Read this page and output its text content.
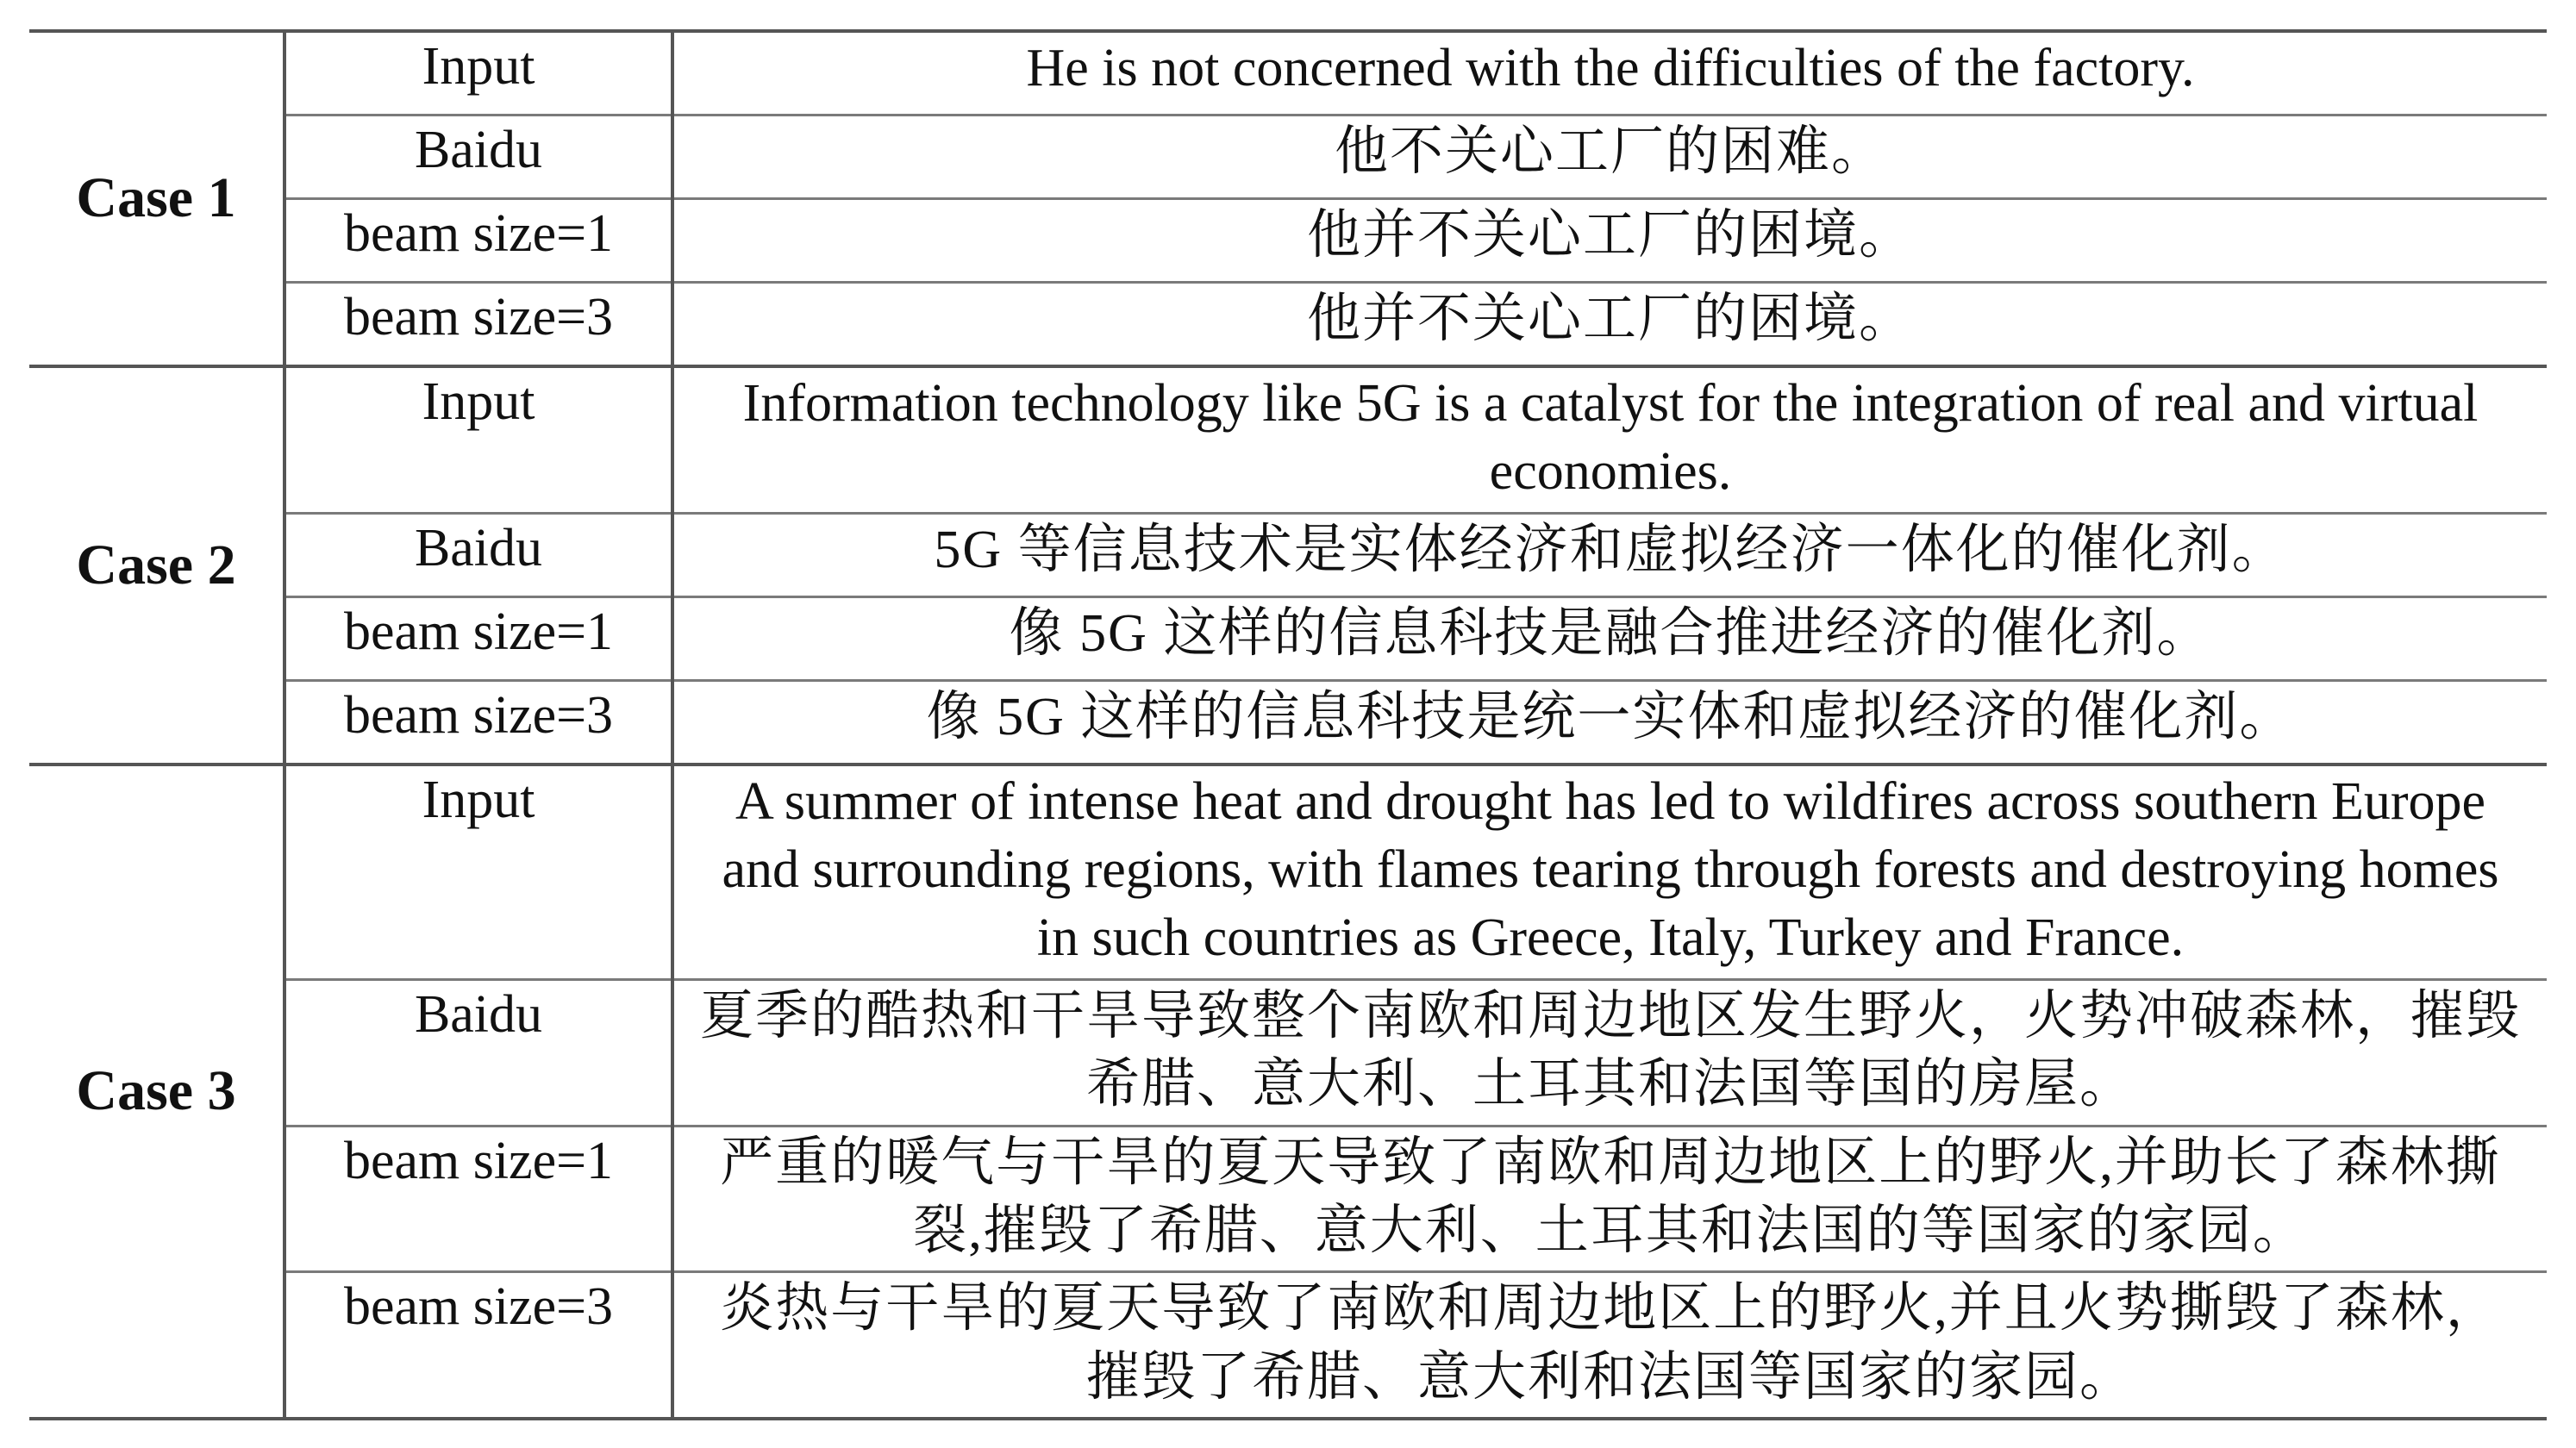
Case 1	Input	He is not concerned with the difficulties of the factory.
	Baidu	他不关心工厂的困难。
	beam size=1	他并不关心工厂的困境。
	beam size=3	他并不关心工厂的困境。
Case 2	Input	Information technology like 5G is a catalyst for the integration of real and virtual economies.
	Baidu	5G 等信息技术是实体经济和虚拟经济一体化的催化剂。
	beam size=1	像 5G 这样的信息科技是融合推进经济的催化剂。
	beam size=3	像 5G 这样的信息科技是统一实体和虚拟经济的催化剂。
Case 3	Input	A summer of intense heat and drought has led to wildfires across southern Europe and surrounding regions, with flames tearing through forests and destroying homes in such countries as Greece, Italy, Turkey and France.
	Baidu	夏季的酷热和干旱导致整个南欧和周边地区发生野火，火势冲破森林，摧毁希腊、意大利、土耳其和法国等国的房屋。
	beam size=1	严重的暖气与干旱的夏天导致了南欧和周边地区上的野火,并助长了森林撕裂,摧毁了希腊、意大利、土耳其和法国的等国家的家园。
	beam size=3	炎热与干旱的夏天导致了南欧和周边地区上的野火,并且火势撕毁了森林，摧毁了希腊、意大利和法国等国家的家园。
